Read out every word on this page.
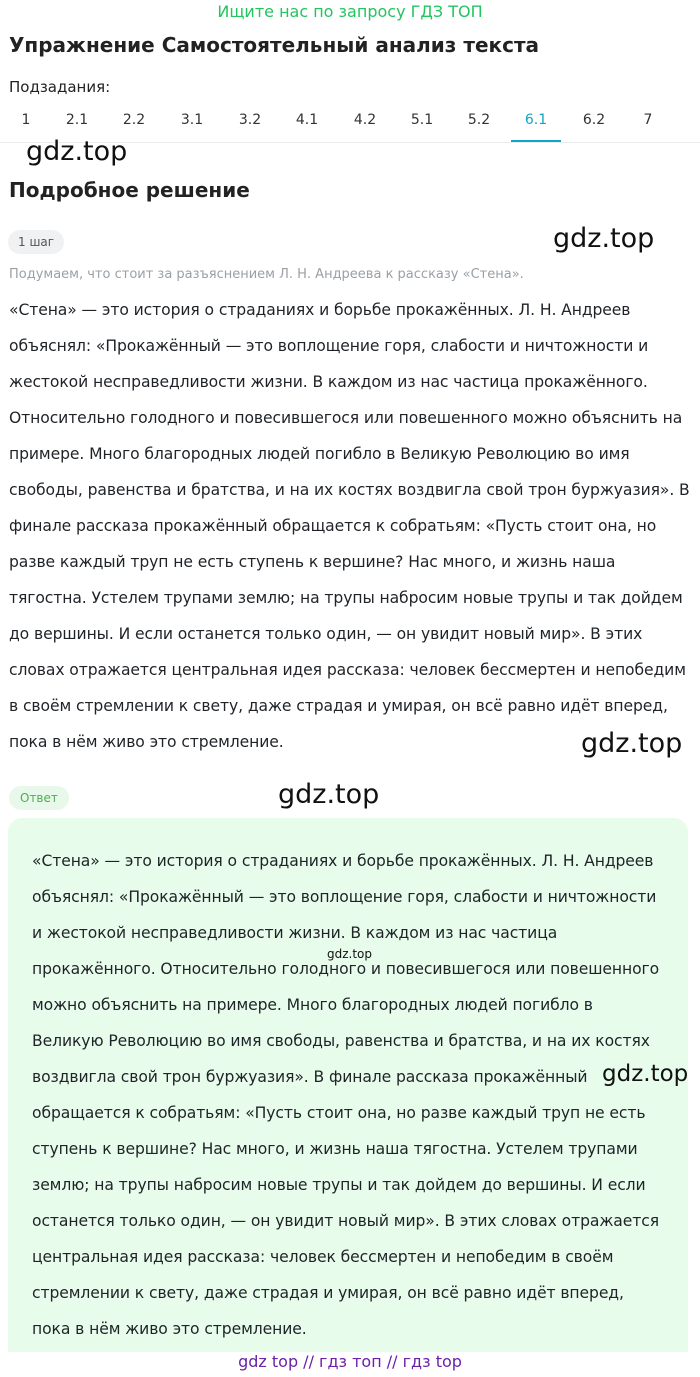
Ищите нас по запросу ГДЗ ТОП
Упражнение Самостоятельный анализ текста
Подзадания:
1	2.1	2.2	3.1	3.2	4.1	4.2	5.1	5.2	6.1	6.2	7
gdz.top
Подробное решение
1 шаг	gdz.top
Подумаем, что стоит за разъяснением Л. Н. Андреева к рассказу «Стена».
«Стена» — это история о страданиях и борьбе прокажённых. Л. Н. Андреев объяснял: «Прокажённый — это воплощение горя, слабости и ничтожности и жестокой несправедливости жизни. В каждом из нас частица прокажённого. Относительно голодного и повесившегося или повешенного можно объяснить на примере. Много благородных людей погибло в Великую Революцию во имя свободы, равенства и братства, и на их костях воздвигла свой трон буржуазия». В финале рассказа прокажённый обращается к собратьям: «Пусть стоит она, но разве каждый труп не есть ступень к вершине? Нас много, и жизнь наша тягостна. Устелем трупами землю; на трупы набросим новые трупы и так дойдем до вершины. И если останется только один, — он увидит новый мир». В этих словах отражается центральная идея рассказа: человек бессмертен и непобедим в своём стремлении к свету, даже страдая и умирая, он всё равно идёт вперед, пока в нём живо это стремление.	gdz.top
Ответ	gdz.top
«Стена» — это история о страданиях и борьбе прокажённых. Л. Н. Андреев объяснял: «Прокажённый — это воплощение горя, слабости и ничтожности и жестокой несправедливости жизни. В каждом из нас частица прокажённого. Относительно голодного и повесившегося или повешенного можно объяснить на примере. Много благородных людей погибло в Великую Революцию во имя свободы, равенства и братства, и на их костях воздвигла свой трон буржуазия». В финале рассказа прокажённый обращается к собратьям: «Пусть стоит она, но разве каждый труп не есть ступень к вершине? Нас много, и жизнь наша тягостна. Устелем трупами землю; на трупы набросим новые трупы и так дойдем до вершины. И если останется только один, — он увидит новый мир». В этих словах отражается центральная идея рассказа: человек бессмертен и непобедим в своём стремлении к свету, даже страдая и умирая, он всё равно идёт вперед, пока в нём живо это стремление.
gdz.top
gdz.top
gdz top // гдз топ // гдз top
